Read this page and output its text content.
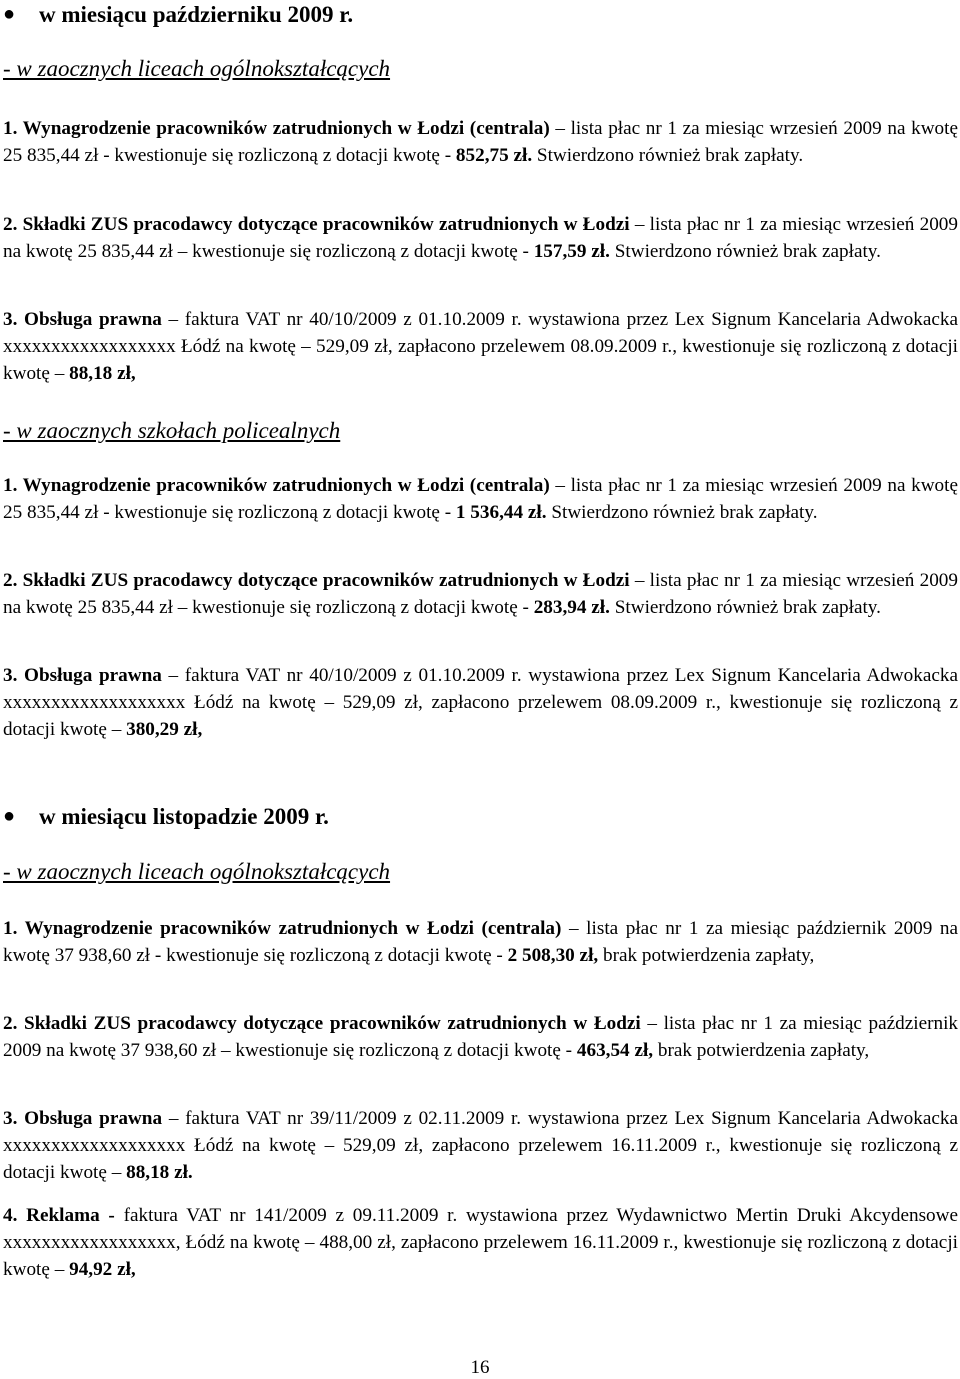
● w miesiącu październiku 2009 r.

- w zaocznych liceach ogólnokształcących

1. Wynagrodzenie pracowników zatrudnionych w Łodzi (centrala) – lista płac nr 1 za miesiąc wrzesień 2009 na kwotę 25 835,44 zł - kwestionuje się rozliczoną z dotacji kwotę - 852,75 zł. Stwierdzono również brak zapłaty.

2. Składki ZUS pracodawcy dotyczące pracowników zatrudnionych w Łodzi – lista płac nr 1 za miesiąc wrzesień 2009 na kwotę 25 835,44 zł – kwestionuje się rozliczoną z dotacji kwotę - 157,59 zł. Stwierdzono również brak zapłaty.

3. Obsługa prawna – faktura VAT nr 40/10/2009 z 01.10.2009 r. wystawiona przez Lex Signum Kancelaria Adwokacka xxxxxxxxxxxxxxxxxx Łódź na kwotę – 529,09 zł, zapłacono przelewem 08.09.2009 r., kwestionuje się rozliczoną z dotacji kwotę – 88,18 zł,

- w zaocznych szkołach policealnych

1. Wynagrodzenie pracowników zatrudnionych w Łodzi (centrala) – lista płac nr 1 za miesiąc wrzesień 2009 na kwotę 25 835,44 zł - kwestionuje się rozliczoną z dotacji kwotę - 1 536,44 zł. Stwierdzono również brak zapłaty.

2. Składki ZUS pracodawcy dotyczące pracowników zatrudnionych w Łodzi – lista płac nr 1 za miesiąc wrzesień 2009 na kwotę 25 835,44 zł – kwestionuje się rozliczoną z dotacji kwotę - 283,94 zł. Stwierdzono również brak zapłaty.

3. Obsługa prawna – faktura VAT nr 40/10/2009 z 01.10.2009 r. wystawiona przez Lex Signum Kancelaria Adwokacka xxxxxxxxxxxxxxxxxxx Łódź na kwotę – 529,09 zł, zapłacono przelewem 08.09.2009 r., kwestionuje się rozliczoną z dotacji kwotę – 380,29 zł,

● w miesiącu listopadzie 2009 r.

- w zaocznych liceach ogólnokształcących

1. Wynagrodzenie pracowników zatrudnionych w Łodzi (centrala) – lista płac nr 1 za miesiąc październik 2009 na kwotę 37 938,60 zł - kwestionuje się rozliczoną z dotacji kwotę - 2 508,30 zł, brak potwierdzenia zapłaty,

2. Składki ZUS pracodawcy dotyczące pracowników zatrudnionych w Łodzi – lista płac nr 1 za miesiąc październik 2009 na kwotę 37 938,60 zł – kwestionuje się rozliczoną z dotacji kwotę - 463,54 zł, brak potwierdzenia zapłaty,

3. Obsługa prawna – faktura VAT nr 39/11/2009 z 02.11.2009 r. wystawiona przez Lex Signum Kancelaria Adwokacka xxxxxxxxxxxxxxxxxxx Łódź na kwotę – 529,09 zł, zapłacono przelewem 16.11.2009 r., kwestionuje się rozliczoną z dotacji kwotę – 88,18 zł.

4. Reklama - faktura VAT nr 141/2009 z 09.11.2009 r. wystawiona przez Wydawnictwo Mertin Druki Akcydensowe xxxxxxxxxxxxxxxxxx, Łódź na kwotę – 488,00 zł, zapłacono przelewem 16.11.2009 r., kwestionuje się rozliczoną z dotacji kwotę – 94,92 zł,

16
